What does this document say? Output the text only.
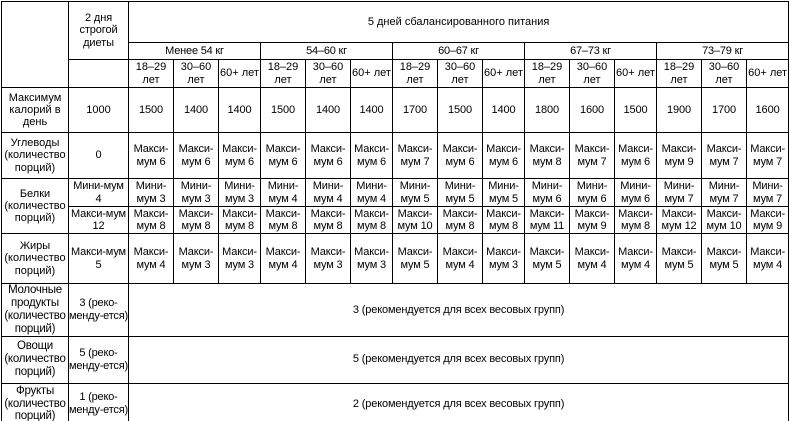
	2 дня строгой диеты	5 дней сбалансированного питания														
		Менее 54 кг			54–60 кг			60–67 кг			67–73 кг			73–79 кг		
		18–29 лет	30–60 лет	60+ лет	18–29 лет	30–60 лет	60+ лет	18–29 лет	30–60 лет	60+ лет	18–29 лет	30–60 лет	60+ лет	18–29 лет	30–60 лет	60+ лет
Максимум калорий в день	1000	1500	1400	1400	1500	1400	1400	1700	1500	1400	1800	1600	1500	1900	1700	1600
Углеводы (количество порций)	0	Макси-мум 6	Макси-мум 6	Макси-мум 6	Макси-мум 6	Макси-мум 6	Макси-мум 6	Макси-мум 7	Макси-мум 6	Макси-мум 6	Макси-мум 8	Макси-мум 7	Макси-мум 6	Макси-мум 9	Макси-мум 7	Макси-мум 7
Белки (количество порций)	Мини-мум 4	Мини-мум 3	Мини-мум 3	Мини-мум 3	Мини-мум 4	Мини-мум 4	Мини-мум 4	Мини-мум 5	Мини-мум 5	Мини-мум 5	Мини-мум 6	Мини-мум 6	Мини-мум 6	Мини-мум 7	Мини-мум 7	Мини-мум 7
	Макси-мум 12	Макси-мум 8	Макси-мум 8	Макси-мум 8	Макси-мум 8	Макси-мум 8	Макси-мум 8	Макси-мум 10	Макси-мум 8	Макси-мум 8	Макси-мум 11	Макси-мум 9	Макси-мум 8	Макси-мум 12	Макси-мум 10	Макси-мум 9
Жиры (количество порций)	Макси-мум 5	Макси-мум 4	Макси-мум 3	Макси-мум 3	Макси-мум 4	Макси-мум 3	Макси-мум 3	Макси-мум 5	Макси-мум 4	Макси-мум 3	Макси-мум 5	Макси-мум 4	Макси-мум 4	Макси-мум 5	Макси-мум 5	Макси-мум 4
Молочные продукты (количество порций)	3 (реко-менду-ется)	3 (рекомендуется для всех весовых групп)														
Овощи (количество порций)	5 (реко-менду-ется)	5 (рекомендуется для всех весовых групп)														
Фрукты (количество порций)	1 (реко-менду-ется)	2 (рекомендуется для всех весовых групп)														
